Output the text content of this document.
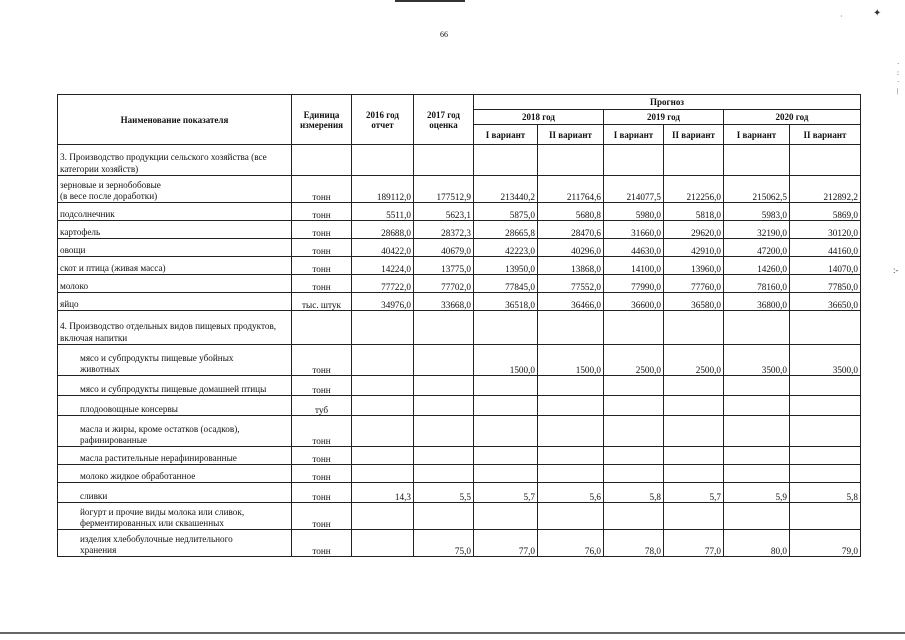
66
·	✦
·
:
·
|
:-
Наименование показателя	Единица измерения	2016 год отчет	2017 год оценка	Прогноз					
				2018 год		2019 год		2020 год	
				I вариант	II вариант	I вариант	II вариант	I вариант	II вариант
3. Производство продукции сельского хозяйства (все категории хозяйств)									
зерновые и зернобобовые
(в весе после доработки)	тонн	189112,0	177512,9	213440,2	211764,6	214077,5	212256,0	215062,5	212892,2
подсолнечник	тонн	5511,0	5623,1	5875,0	5680,8	5980,0	5818,0	5983,0	5869,0
картофель	тонн	28688,0	28372,3	28665,8	28470,6	31660,0	29620,0	32190,0	30120,0
овощи	тонн	40422,0	40679,0	42223,0	40296,0	44630,0	42910,0	47200,0	44160,0
скот и птица (живая масса)	тонн	14224,0	13775,0	13950,0	13868,0	14100,0	13960,0	14260,0	14070,0
молоко	тонн	77722,0	77702,0	77845,0	77552,0	77990,0	77760,0	78160,0	77850,0
яйцо	тыс. штук	34976,0	33668,0	36518,0	36466,0	36600,0	36580,0	36800,0	36650,0
4. Производство отдельных видов пищевых продуктов, включая напитки									
мясо и субпродукты пищевые убойных
животных	тонн			1500,0	1500,0	2500,0	2500,0	3500,0	3500,0
мясо и субпродукты пищевые домашней птицы	тонн								
плодоовощные консервы	туб								
масла и жиры, кроме остатков (осадков),
рафинированные	тонн								
масла растительные нерафинированные	тонн								
молоко жидкое обработанное	тонн								
сливки	тонн	14,3	5,5	5,7	5,6	5,8	5,7	5,9	5,8
йогурт и прочие виды молока или сливок,
ферментированных или сквашенных	тонн								
изделия хлебобулочные недлительного
хранения	тонн		75,0	77,0	76,0	78,0	77,0	80,0	79,0
